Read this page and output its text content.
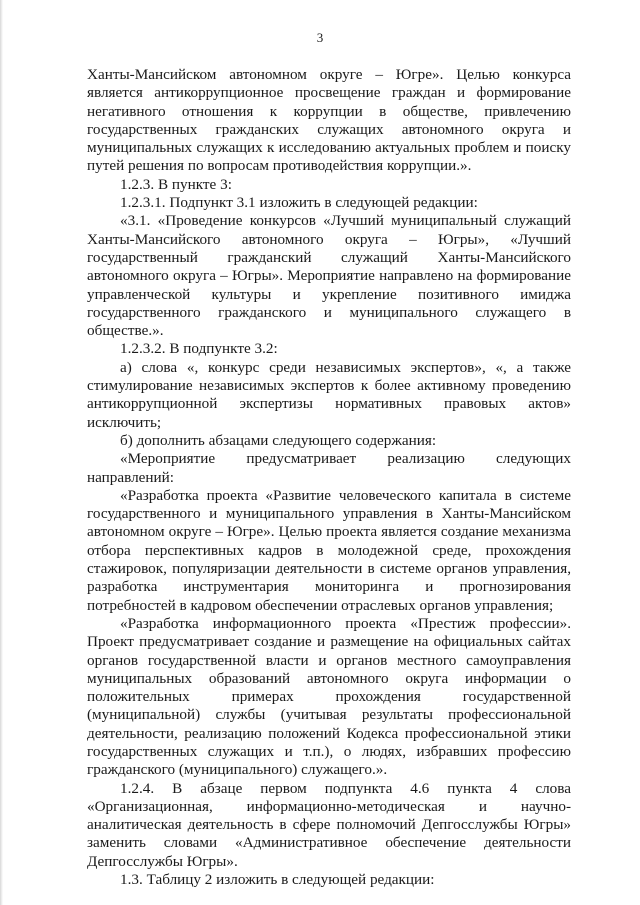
3

Ханты-Мансийском автономном округе – Югре». Целью конкурса является антикоррупционное просвещение граждан и формирование негативного отношения к коррупции в обществе, привлечению государственных гражданских служащих автономного округа и муниципальных служащих к исследованию актуальных проблем и поиску путей решения по вопросам противодействия коррупции.».

1.2.3. В пункте 3:

1.2.3.1. Подпункт 3.1 изложить в следующей редакции:

«3.1. «Проведение конкурсов «Лучший муниципальный служащий Ханты-Мансийского автономного округа – Югры», «Лучший государственный гражданский служащий Ханты-Мансийского автономного округа – Югры». Мероприятие направлено на формирование управленческой культуры и укрепление позитивного имиджа государственного гражданского и муниципального служащего в обществе.».

1.2.3.2. В подпункте 3.2:

а) слова «, конкурс среди независимых экспертов», «, а также стимулирование независимых экспертов к более активному проведению антикоррупционной экспертизы нормативных правовых актов» исключить;

б) дополнить абзацами следующего содержания:

«Мероприятие предусматривает реализацию следующих направлений:

«Разработка проекта «Развитие человеческого капитала в системе государственного и муниципального управления в Ханты-Мансийском автономном округе – Югре». Целью проекта является создание механизма отбора перспективных кадров в молодежной среде, прохождения стажировок, популяризации деятельности в системе органов управления, разработка инструментария мониторинга и прогнозирования потребностей в кадровом обеспечении отраслевых органов управления;

«Разработка информационного проекта «Престиж профессии». Проект предусматривает создание и размещение на официальных сайтах органов государственной власти и органов местного самоуправления муниципальных образований автономного округа информации о положительных примерах прохождения государственной (муниципальной) службы (учитывая результаты профессиональной деятельности, реализацию положений Кодекса профессиональной этики государственных служащих и т.п.), о людях, избравших профессию гражданского (муниципального) служащего.».

1.2.4. В абзаце первом подпункта 4.6 пункта 4 слова «Организационная, информационно-методическая и научно-аналитическая деятельность в сфере полномочий Депгосслужбы Югры» заменить словами «Административное обеспечение деятельности Депгосслужбы Югры».

1.3. Таблицу 2 изложить в следующей редакции:
